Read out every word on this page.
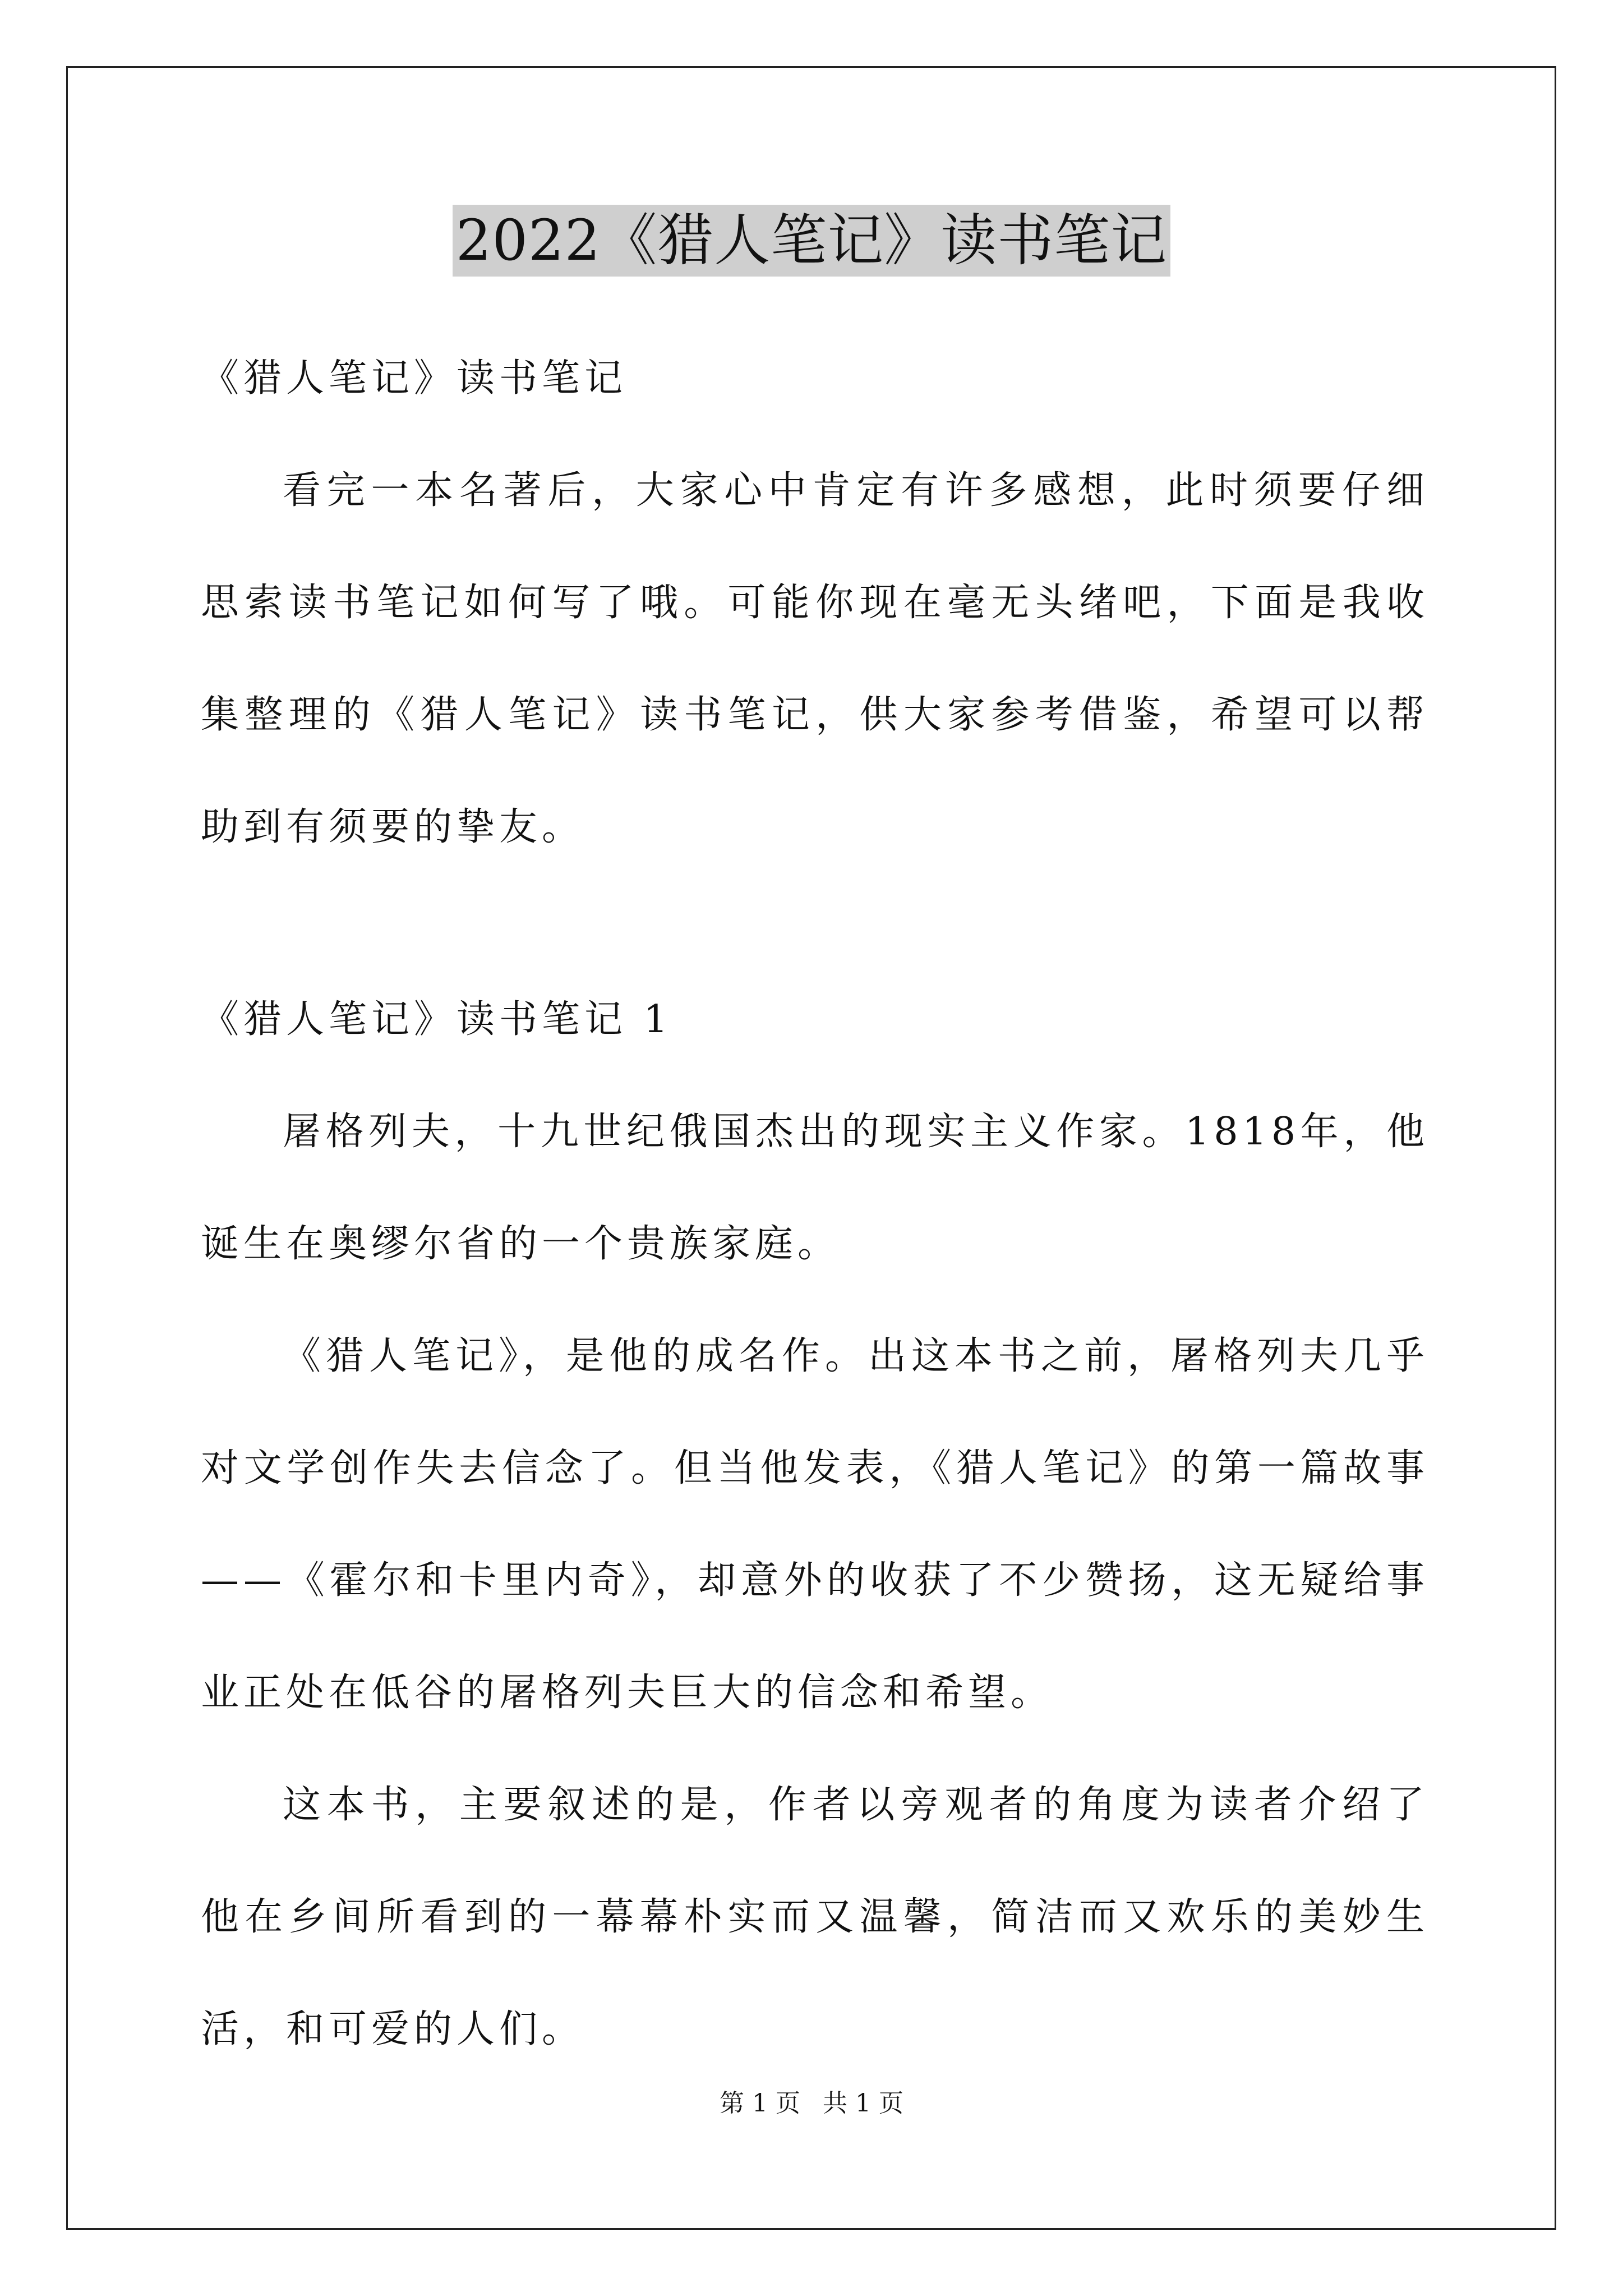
2022《猎人笔记》读书笔记

《猎人笔记》读书笔记

看完一本名著后，大家心中肯定有许多感想，此时须要仔细思索读书笔记如何写了哦。可能你现在毫无头绪吧，下面是我收集整理的《猎人笔记》读书笔记，供大家参考借鉴，希望可以帮助到有须要的挚友。

《猎人笔记》读书笔记 1

屠格列夫，十九世纪俄国杰出的现实主义作家。1818年，他诞生在奥缪尔省的一个贵族家庭。

《猎人笔记》，是他的成名作。出这本书之前，屠格列夫几乎对文学创作失去信念了。但当他发表，《猎人笔记》的第一篇故事——《霍尔和卡里内奇》，却意外的收获了不少赞扬，这无疑给事业正处在低谷的屠格列夫巨大的信念和希望。

这本书，主要叙述的是，作者以旁观者的角度为读者介绍了他在乡间所看到的一幕幕朴实而又温馨，简洁而又欢乐的美妙生活，和可爱的人们。

第 1 页 共 1 页
